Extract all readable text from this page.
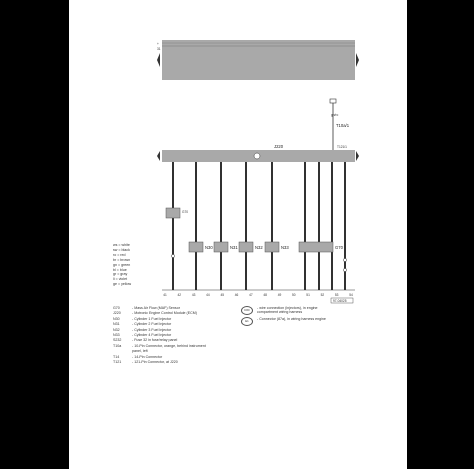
+
31
gn/ro
T10a/1
J220	T121/1
G70
N30	N31	N32	N33	G70
41	42	43	44	45	46	47	48	49	50	51	52	53	54
97-04025
ws = white
sw = black
ro = red
br = brown
gn = green
bl = blue
gr = gray
li = violet
ge = yellow
G70	- Mass Air Flow (MAF) Sensor
J220	- Motronic Engine Control Module (ECM)
N30	- Cylinder 1 Fuel Injector
N31	- Cylinder 2 Fuel Injector
N32	- Cylinder 3 Fuel Injector
N33	- Cylinder 4 Fuel Injector
S232	- Fuse 32 in fuse/relay panel
T10a	- 10-Pin Connector, orange, behind instrument
panel, left
T14	- 14-Pin Connector
T121	- 121-Pin Connector, at J220
D60	- wire connection (injectors), in engine
compartment wiring harness
E1	- Connector (87a), in wiring harness engine
